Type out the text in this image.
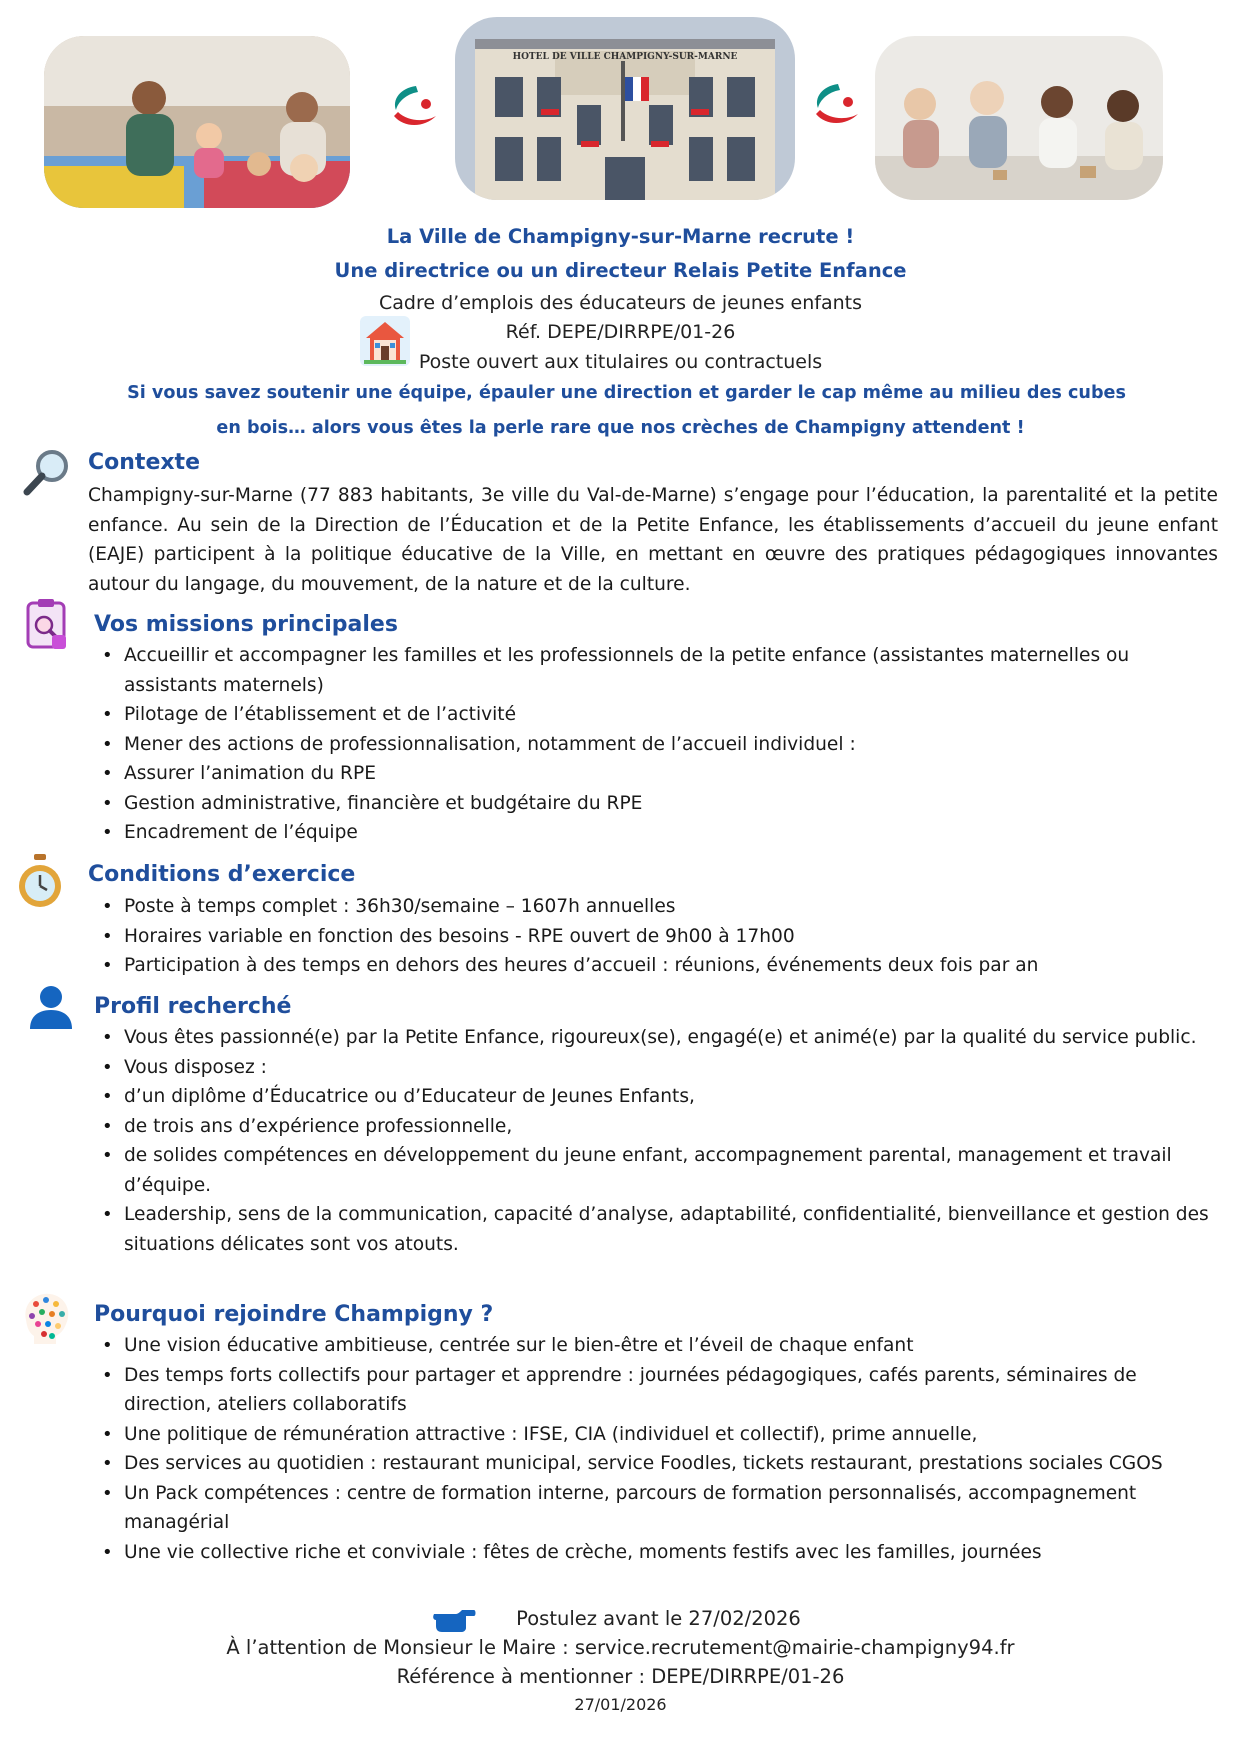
HOTEL DE VILLE CHAMPIGNY-SUR-MARNE
La Ville de Champigny-sur-Marne recrute !
Une directrice ou un directeur Relais Petite Enfance
Cadre d’emplois des éducateurs de jeunes enfants
Réf. DEPE/DIRRPE/01-26
Poste ouvert aux titulaires ou contractuels
Si vous savez soutenir une équipe, épauler une direction et garder le cap même au milieu des cubes
en bois… alors vous êtes la perle rare que nos crèches de Champigny attendent !
Contexte
Champigny-sur-Marne (77 883 habitants, 3e ville du Val-de-Marne) s’engage pour l’éducation, la parentalité et la petite enfance. Au sein de la Direction de l’Éducation et de la Petite Enfance, les établissements d’accueil du jeune enfant (EAJE) participent à la politique éducative de la Ville, en mettant en œuvre des pratiques pédagogiques innovantes autour du langage, du mouvement, de la nature et de la culture.
Vos missions principales
• Accueillir et accompagner les familles et les professionnels de la petite enfance (assistantes maternelles ou assistants maternels)
• Pilotage de l’établissement et de l’activité
• Mener des actions de professionnalisation, notamment de l’accueil individuel :
• Assurer l’animation du RPE
• Gestion administrative, financière et budgétaire du RPE
• Encadrement de l’équipe
Conditions d’exercice
• Poste à temps complet : 36h30/semaine – 1607h annuelles
• Horaires variable en fonction des besoins - RPE ouvert de 9h00 à 17h00
• Participation à des temps en dehors des heures d’accueil : réunions, événements deux fois par an
Profil recherché
• Vous êtes passionné(e) par la Petite Enfance, rigoureux(se), engagé(e) et animé(e) par la qualité du service public.
• Vous disposez :
• d’un diplôme d’Éducatrice ou d’Educateur de Jeunes Enfants,
• de trois ans d’expérience professionnelle,
• de solides compétences en développement du jeune enfant, accompagnement parental, management et travail d’équipe.
• Leadership, sens de la communication, capacité d’analyse, adaptabilité, confidentialité, bienveillance et gestion des situations délicates sont vos atouts.
Pourquoi rejoindre Champigny ?
• Une vision éducative ambitieuse, centrée sur le bien-être et l’éveil de chaque enfant
• Des temps forts collectifs pour partager et apprendre : journées pédagogiques, cafés parents, séminaires de direction, ateliers collaboratifs
• Une politique de rémunération attractive : IFSE, CIA (individuel et collectif), prime annuelle,
• Des services au quotidien : restaurant municipal, service Foodles, tickets restaurant, prestations sociales CGOS
• Un Pack compétences : centre de formation interne, parcours de formation personnalisés, accompagnement managérial
• Une vie collective riche et conviviale : fêtes de crèche, moments festifs avec les familles, journées
Postulez avant le 27/02/2026
À l’attention de Monsieur le Maire : service.recrutement@mairie-champigny94.fr
Référence à mentionner : DEPE/DIRRPE/01-26
27/01/2026
